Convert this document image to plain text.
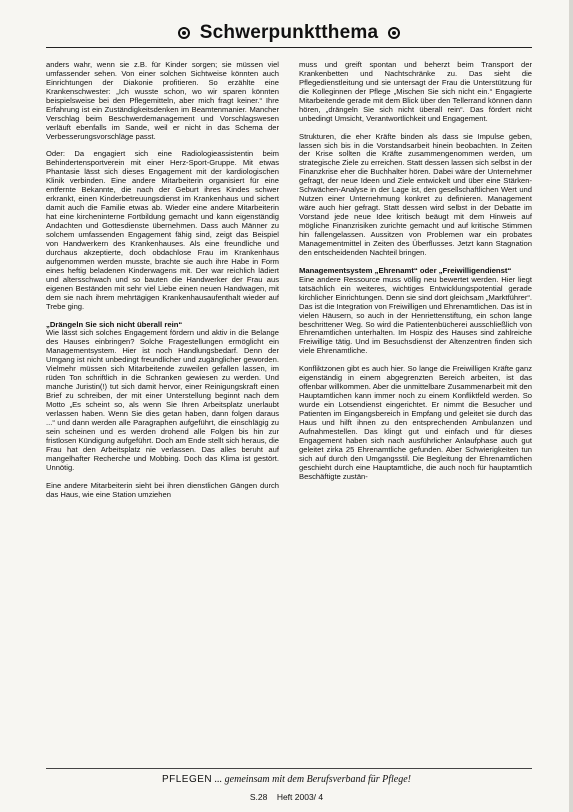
Schwerpunktthema

anders wahr, wenn sie z.B. für Kinder sorgen; sie müssen viel umfassender sehen. Von einer solchen Sichtweise könnten auch Einrichtungen der Diakonie profitieren. So erzählte eine Krankenschwester: „Ich wusste schon, wo wir sparen könnten beispielsweise bei den Pflegemitteln, aber mich fragt keiner.“ Ihre Erfahrung ist ein Zuständigkeitsdenken im Beamtenmanier. Mancher Verschlag beim Beschwerdemanagement und Vorschlagswesen verläuft ebenfalls im Sande, weil er nicht in das Schema der Verbesserungsvorschläge passt.

Oder: Da engagiert sich eine Radiologieassistentin beim Behindertensportverein mit einer Herz-Sport-Gruppe. Mit etwas Phantasie lässt sich dieses Engagement mit der kardiologischen Klinik verbinden. Eine andere Mitarbeiterin organisiert für eine entfernte Bekannte, die nach der Geburt ihres Kindes schwer erkrankt, einen Kinderbetreuungsdienst im Krankenhaus und sichert damit auch die Familie etwas ab. Wieder eine andere Mitarbeiterin hat eine kircheninterne Fortbildung gemacht und kann eigenständig Andachten und Gottesdienste übernehmen. Dass auch Männer zu solchem umfassenden Engagement fähig sind, zeigt das Beispiel von Handwerkern des Krankenhauses. Als eine freundliche und durchaus akzeptierte, doch obdachlose Frau im Krankenhaus aufgenommen werden musste, brachte sie auch ihre Habe in Form eines heftig beladenen Kinderwagens mit. Der war reichlich lädiert und altersschwach und so bauten die Handwerker der Frau aus eigenen Beständen mit sehr viel Liebe einen neuen Handwagen, mit dem sie nach ihrem mehrtägigen Krankenhausaufenthalt wieder auf Trebe ging.

„Drängeln Sie sich nicht überall rein“

Wie lässt sich solches Engagement fördern und aktiv in die Belange des Hauses einbringen? Solche Fragestellungen ermöglicht ein Managementsystem. Hier ist noch Handlungsbedarf. Denn der Umgang ist nicht unbedingt freundlicher und zugänglicher geworden. Vielmehr müssen sich Mitarbeitende zuweilen gefallen lassen, im rüden Ton schriftlich in die Schranken gewiesen zu werden. Und manche Juristin(!) tut sich damit hervor, einer Reinigungskraft einen Brief zu schreiben, der mit einer Unterstellung beginnt nach dem Motto „Es scheint so, als wenn Sie Ihren Arbeitsplatz unerlaubt verlassen haben. Wenn Sie dies getan haben, dann folgen daraus ...“ und dann werden alle Paragraphen aufgeführt, die einschlägig zu sein scheinen und es werden drohend alle Folgen bis hin zur fristlosen Kündigung aufgeführt. Doch am Ende stellt sich heraus, die Frau hat den Arbeitsplatz nie verlassen. Das alles beruht auf mangelhafter Recherche und Mobbing. Doch das Klima ist gestört. Unnötig.

Eine andere Mitarbeiterin sieht bei ihren dienstlichen Gängen durch das Haus, wie eine Station umziehen

muss und greift spontan und beherzt beim Transport der Krankenbetten und Nachtschränke zu. Das sieht die Pflegedienstleitung und sie untersagt der Frau die Unterstützung für die Kolleginnen der Pflege „Mischen Sie sich nicht ein.“ Engagierte Mitarbeitende gerade mit dem Blick über den Tellerrand können dann hören, „drängeln Sie sich nicht überall rein“. Das fördert nicht unbedingt Umsicht, Verantwortlichkeit und Engagement.

Strukturen, die eher Kräfte binden als dass sie Impulse geben, lassen sich bis in die Vorstandsarbeit hinein beobachten. In Zeiten der Krise sollten die Kräfte zusammengenommen werden, um strategische Ziele zu erreichen. Statt dessen lassen sich selbst in der Finanzkrise eher die Buchhalter hören. Dabei wäre der Unternehmer gefragt, der neue Ideen und Ziele entwickelt und über eine Stärken-Schwächen-Analyse in der Lage ist, den gesellschaftlichen Wert und Nutzen einer Unternehmung konkret zu definieren. Management wäre auch hier gefragt. Statt dessen wird selbst in der Debatte im Vorstand jede neue Idee kritisch beäugt mit dem Hinweis auf mögliche Finanzrisiken zurichte gemacht und auf kritische Stimmen hin fallengelassen. Aussitzen von Problemen war ein probates Managementmittel in Zeiten des Überflusses. Jetzt kann Stagnation den entscheidenden Nachteil bringen.

Managementsystem „Ehrenamt“ oder „Freiwilligendienst“

Eine andere Ressource muss völlig neu bewertet werden. Hier liegt tatsächlich ein weiteres, wichtiges Entwicklungspotential gerade kirchlicher Einrichtungen. Denn sie sind dort gleichsam „Marktführer“. Das ist die Integration von Freiwilligen und Ehrenamtlichen. Das ist in vielen Häusern, so auch in der Henriettenstiftung, ein schon lange beschrittener Weg. So wird die Patientenbücherei ausschließlich von Ehrenamtlichen unterhalten. Im Hospiz des Hauses sind zahlreiche Freiwillige tätig. Und im Besuchsdienst der Altenzentren finden sich viele Ehrenamtliche.

Konfliktzonen gibt es auch hier. So lange die Freiwilligen Kräfte ganz eigenständig in einem abgegrenzten Bereich arbeiten, ist das offenbar willkommen. Aber die unmittelbare Zusammenarbeit mit den Hauptamtlichen kann immer noch zu einem Konfliktfeld werden. So wurde ein Lotsendienst eingerichtet. Er nimmt die Besucher und Patienten im Eingangsbereich in Empfang und geleitet sie durch das Haus und hilft ihnen zu den entsprechenden Ambulanzen und Aufnahmestellen. Das klingt gut und einfach und für dieses Engagement haben sich nach ausführlicher Anlaufphase auch gut geleitet zirka 25 Ehrenamtliche gefunden. Aber Schwierigkeiten tun sich auf durch den Umgangsstil. Die Begleitung der Ehrenamtlichen geschieht durch eine Hauptamtliche, die auch noch für hauptamtlich Beschäftigte zustän-

PFLEGEN ... gemeinsam mit dem Berufsverband für Pflege!
S.28 Heft 2003/ 4
